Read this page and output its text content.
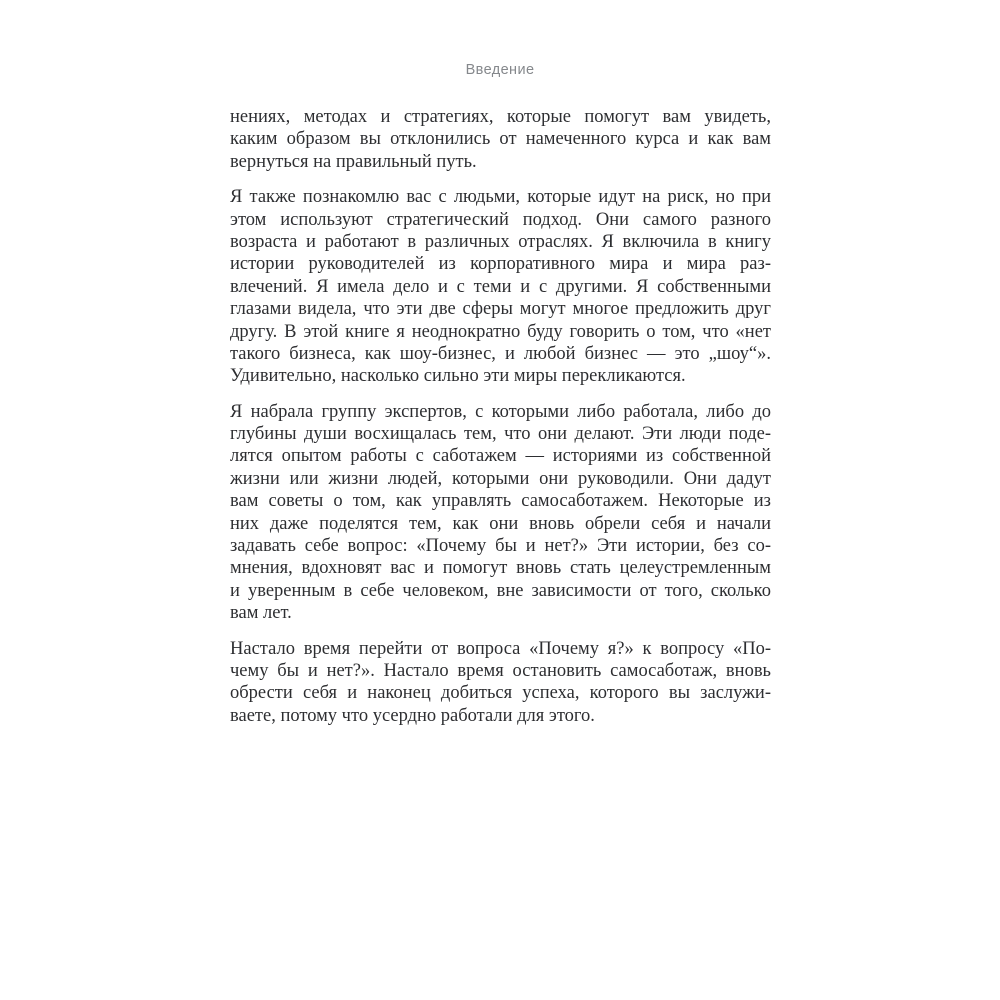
Введение
нениях, методах и стратегиях, которые помогут вам увидеть,
каким образом вы отклонились от намеченного курса и как вам
вернуться на правильный путь.
Я также познакомлю вас с людьми, которые идут на риск, но при
этом используют стратегический подход. Они самого разного
возраста и работают в различных отраслях. Я включила в книгу
истории руководителей из корпоративного мира и мира раз-
влечений. Я имела дело и с теми и с другими. Я собственными
глазами видела, что эти две сферы могут многое предложить друг
другу. В этой книге я неоднократно буду говорить о том, что «нет
такого бизнеса, как шоу-бизнес, и любой бизнес — это „шоу“».
Удивительно, насколько сильно эти миры перекликаются.
Я набрала группу экспертов, с которыми либо работала, либо до
глубины души восхищалась тем, что они делают. Эти люди поде-
лятся опытом работы с саботажем — историями из собственной
жизни или жизни людей, которыми они руководили. Они дадут
вам советы о том, как управлять самосаботажем. Некоторые из
них даже поделятся тем, как они вновь обрели себя и начали
задавать себе вопрос: «Почему бы и нет?» Эти истории, без со-
мнения, вдохновят вас и помогут вновь стать целеустремленным
и уверенным в себе человеком, вне зависимости от того, сколько
вам лет.
Настало время перейти от вопроса «Почему я?» к вопросу «По-
чему бы и нет?». Настало время остановить самосаботаж, вновь
обрести себя и наконец добиться успеха, которого вы заслужи-
ваете, потому что усердно работали для этого.
